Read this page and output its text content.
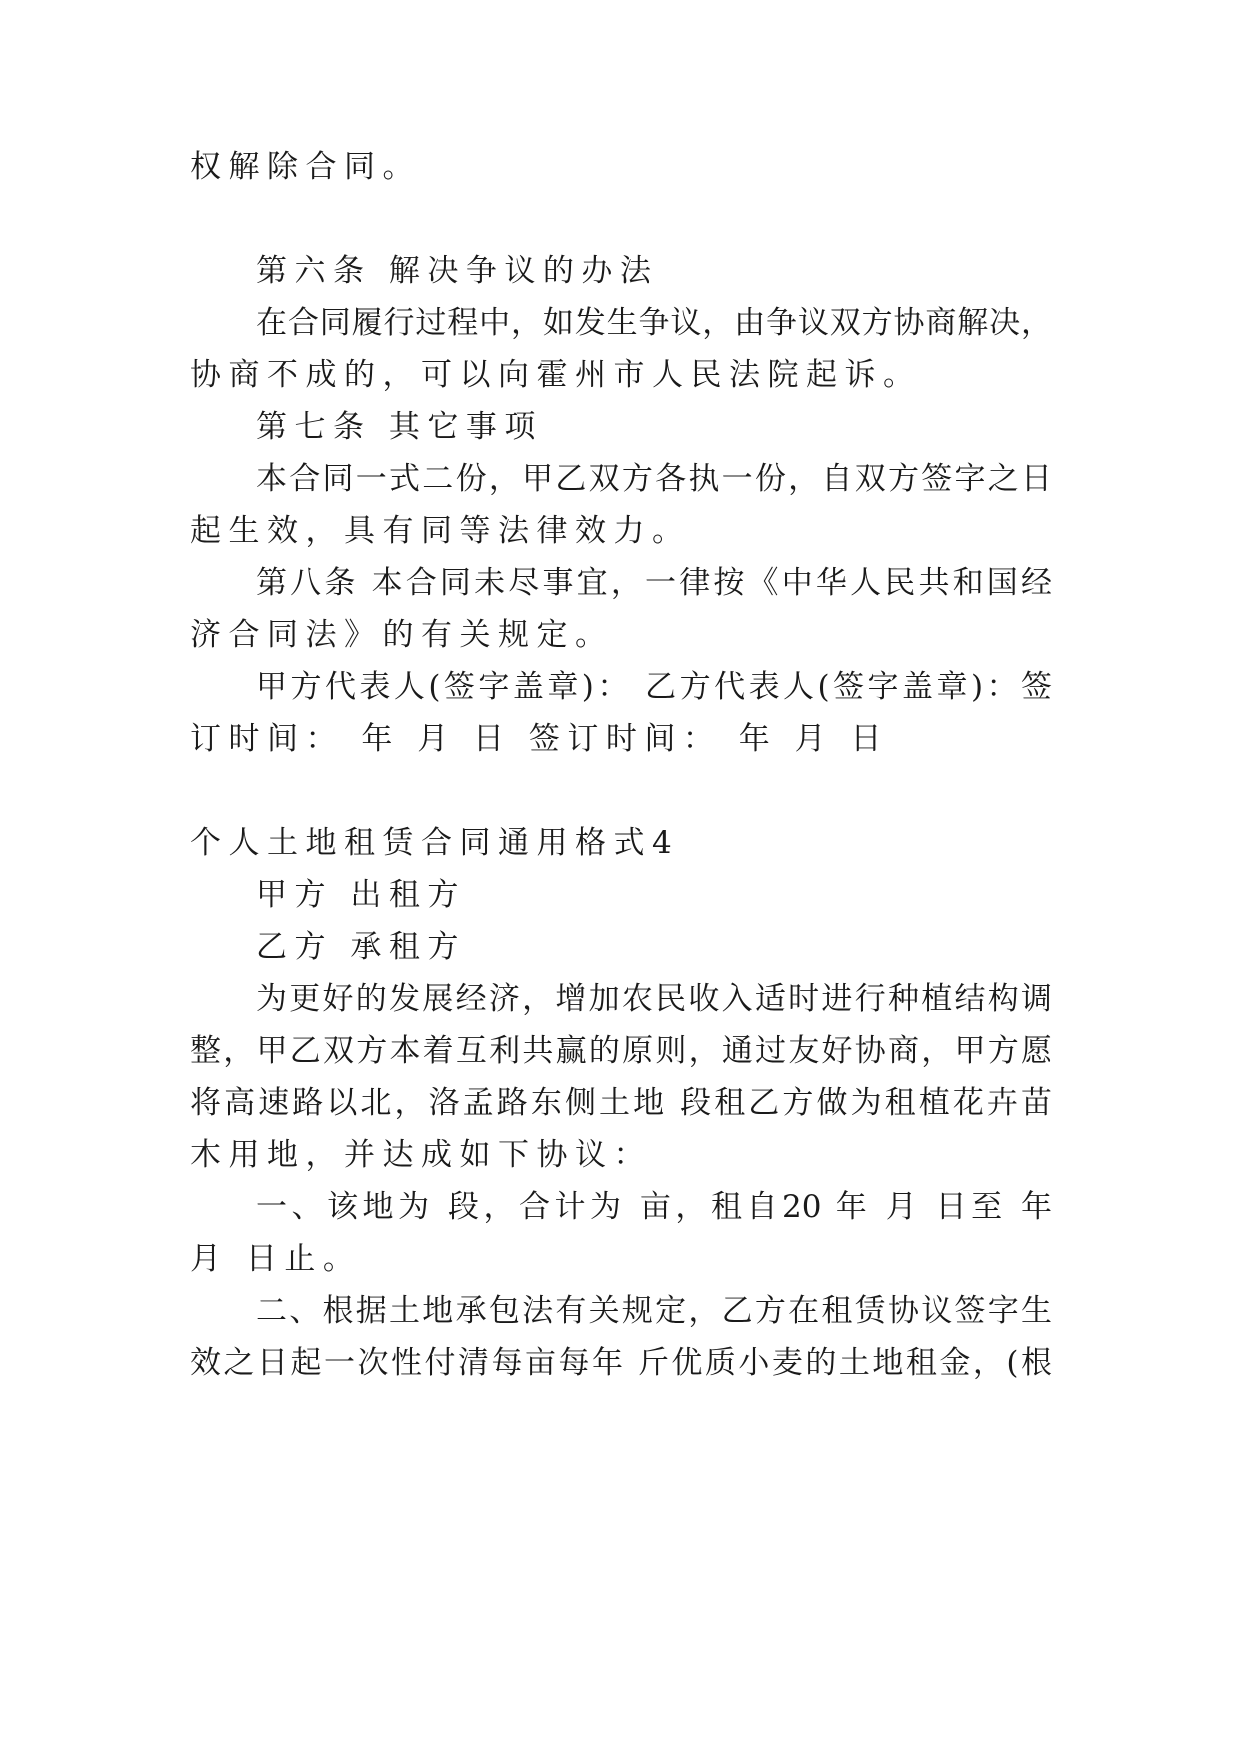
权解除合同。
第六条 解决争议的办法
在合同履行过程中，如发生争议，由争议双方协商解决，
协商不成的，可以向霍州市人民法院起诉。
第七条 其它事项
本合同一式二份，甲乙双方各执一份，自双方签字之日
起生效，具有同等法律效力。
第八条 本合同未尽事宜，一律按《中华人民共和国经
济合同法》的有关规定。
甲方代表人(签字盖章)： 乙方代表人(签字盖章)：签
订时间： 年 月 日 签订时间： 年 月 日
个人土地租赁合同通用格式4
甲方 出租方
乙方 承租方
为更好的发展经济，增加农民收入适时进行种植结构调
整，甲乙双方本着互利共赢的原则，通过友好协商，甲方愿
将高速路以北，洛孟路东侧土地 段租乙方做为租植花卉苗
木用地，并达成如下协议：
一、该地为 段，合计为 亩，租自20 年 月 日至 年
月 日止。
二、根据土地承包法有关规定，乙方在租赁协议签字生
效之日起一次性付清每亩每年 斤优质小麦的土地租金，(根
